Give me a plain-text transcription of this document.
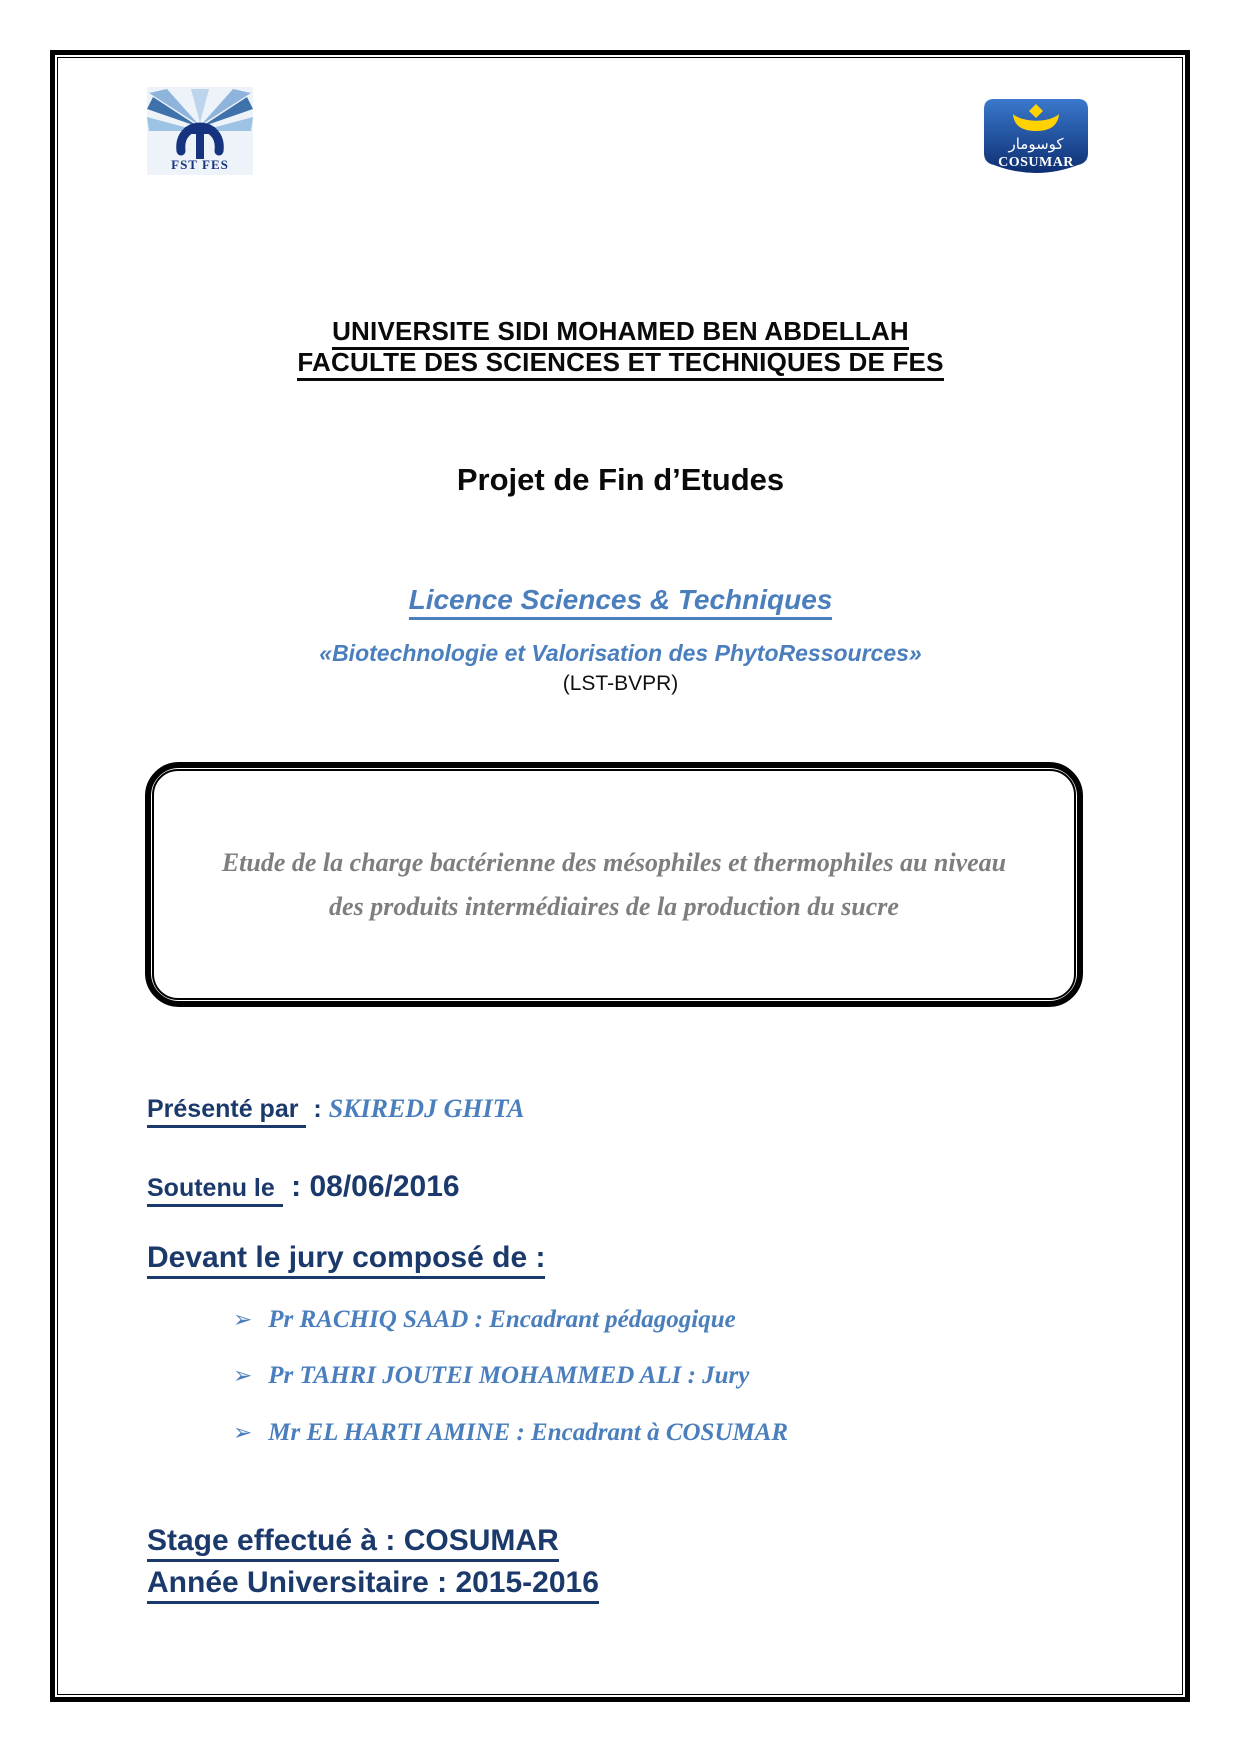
FST FES
كوسومار
COSUMAR
UNIVERSITE SIDI MOHAMED BEN ABDELLAH
FACULTE DES SCIENCES ET TECHNIQUES DE FES
Projet de Fin d’Etudes
Licence Sciences & Techniques
«Biotechnologie et Valorisation des PhytoRessources»
(LST-BVPR)
Etude de la charge bactérienne des mésophiles et thermophiles au niveau
des produits intermédiaires de la production du sucre
Présenté par : SKIREDJ GHITA
Soutenu le : 08/06/2016
Devant le jury composé de :
➢ Pr RACHIQ SAAD : Encadrant pédagogique
➢ Pr TAHRI JOUTEI MOHAMMED ALI : Jury
➢ Mr EL HARTI AMINE : Encadrant à COSUMAR
Stage effectué à : COSUMAR
Année Universitaire : 2015-2016
